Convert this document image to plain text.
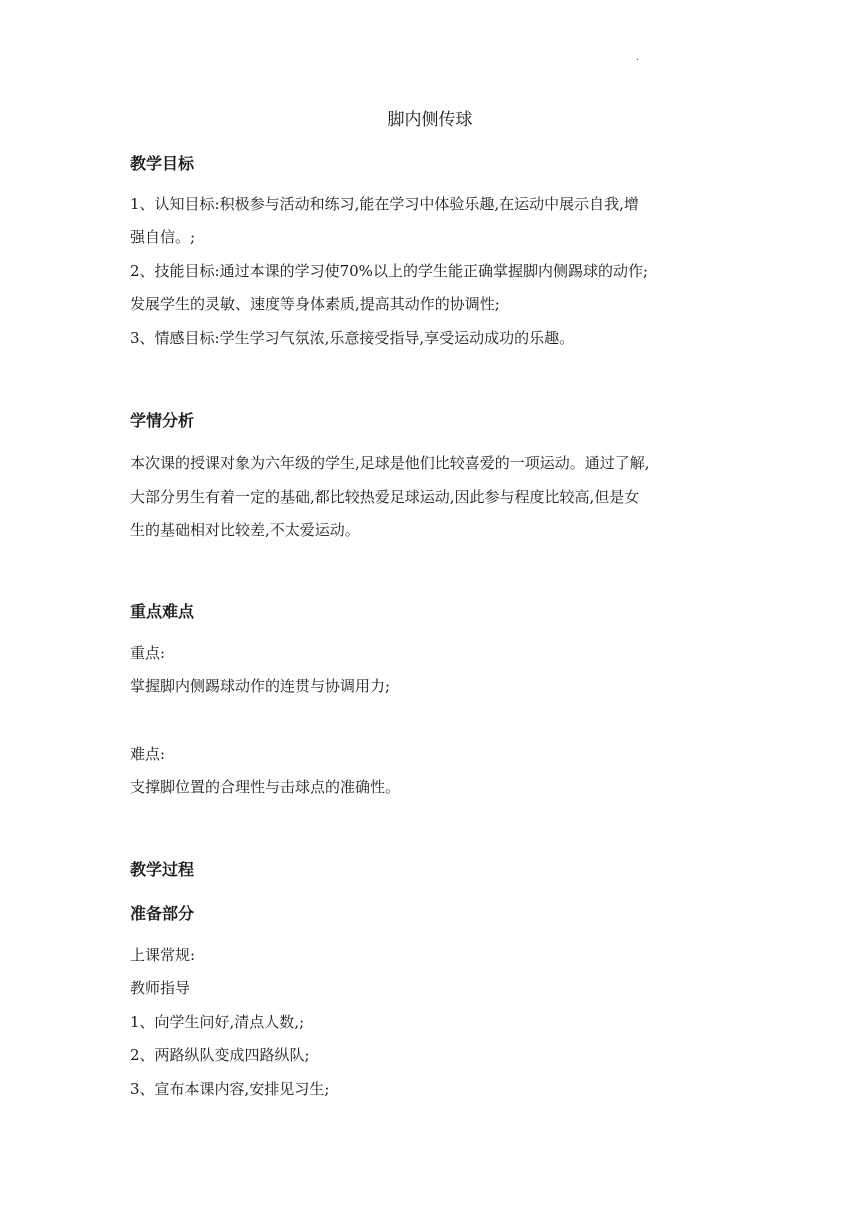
·
脚内侧传球
教学目标
1、认知目标:积极参与活动和练习,能在学习中体验乐趣,在运动中展示自我,增
强自信。;
2、技能目标:通过本课的学习使70%以上的学生能正确掌握脚内侧踢球的动作;
发展学生的灵敏、速度等身体素质,提高其动作的协调性;
3、情感目标:学生学习气氛浓,乐意接受指导,享受运动成功的乐趣。
学情分析
本次课的授课对象为六年级的学生,足球是他们比较喜爱的一项运动。通过了解,
大部分男生有着一定的基础,都比较热爱足球运动,因此参与程度比较高,但是女
生的基础相对比较差,不太爱运动。
重点难点
重点:
掌握脚内侧踢球动作的连贯与协调用力;
难点:
支撑脚位置的合理性与击球点的准确性。
教学过程
准备部分
上课常规:
教师指导
1、向学生问好,清点人数,;
2、两路纵队变成四路纵队;
3、宣布本课内容,安排见习生;
